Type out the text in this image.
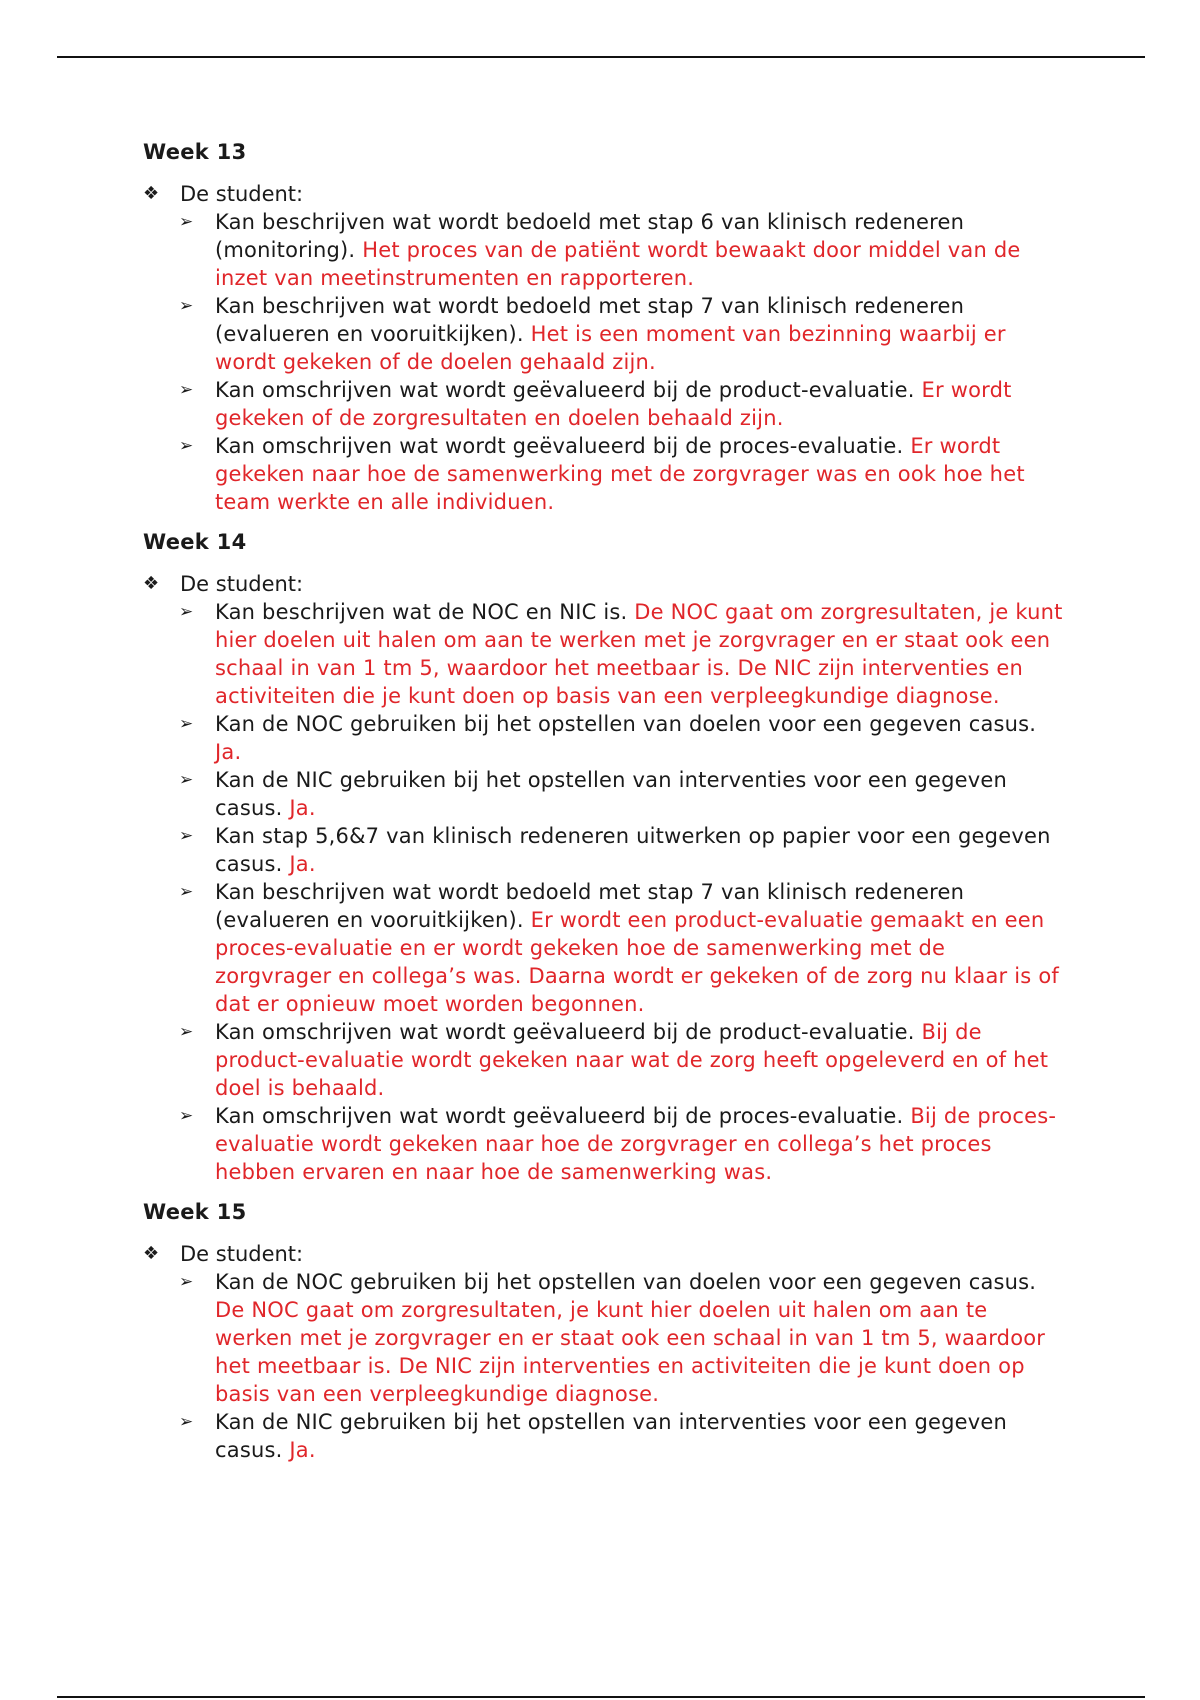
Week 13
❖ De student:
➢ Kan beschrijven wat wordt bedoeld met stap 6 van klinisch redeneren (monitoring). Het proces van de patiënt wordt bewaakt door middel van de inzet van meetinstrumenten en rapporteren.
➢ Kan beschrijven wat wordt bedoeld met stap 7 van klinisch redeneren (evalueren en vooruitkijken). Het is een moment van bezinning waarbij er wordt gekeken of de doelen gehaald zijn.
➢ Kan omschrijven wat wordt geëvalueerd bij de product-evaluatie. Er wordt gekeken of de zorgresultaten en doelen behaald zijn.
➢ Kan omschrijven wat wordt geëvalueerd bij de proces-evaluatie. Er wordt gekeken naar hoe de samenwerking met de zorgvrager was en ook hoe het team werkte en alle individuen.
Week 14
❖ De student:
➢ Kan beschrijven wat de NOC en NIC is. De NOC gaat om zorgresultaten, je kunt hier doelen uit halen om aan te werken met je zorgvrager en er staat ook een schaal in van 1 tm 5, waardoor het meetbaar is. De NIC zijn interventies en activiteiten die je kunt doen op basis van een verpleegkundige diagnose.
➢ Kan de NOC gebruiken bij het opstellen van doelen voor een gegeven casus. Ja.
➢ Kan de NIC gebruiken bij het opstellen van interventies voor een gegeven casus. Ja.
➢ Kan stap 5,6&7 van klinisch redeneren uitwerken op papier voor een gegeven casus. Ja.
➢ Kan beschrijven wat wordt bedoeld met stap 7 van klinisch redeneren (evalueren en vooruitkijken). Er wordt een product-evaluatie gemaakt en een proces-evaluatie en er wordt gekeken hoe de samenwerking met de zorgvrager en collega’s was. Daarna wordt er gekeken of de zorg nu klaar is of dat er opnieuw moet worden begonnen.
➢ Kan omschrijven wat wordt geëvalueerd bij de product-evaluatie. Bij de product-evaluatie wordt gekeken naar wat de zorg heeft opgeleverd en of het doel is behaald.
➢ Kan omschrijven wat wordt geëvalueerd bij de proces-evaluatie. Bij de proces-evaluatie wordt gekeken naar hoe de zorgvrager en collega’s het proces hebben ervaren en naar hoe de samenwerking was.
Week 15
❖ De student:
➢ Kan de NOC gebruiken bij het opstellen van doelen voor een gegeven casus. De NOC gaat om zorgresultaten, je kunt hier doelen uit halen om aan te werken met je zorgvrager en er staat ook een schaal in van 1 tm 5, waardoor het meetbaar is. De NIC zijn interventies en activiteiten die je kunt doen op basis van een verpleegkundige diagnose.
➢ Kan de NIC gebruiken bij het opstellen van interventies voor een gegeven casus. Ja.
